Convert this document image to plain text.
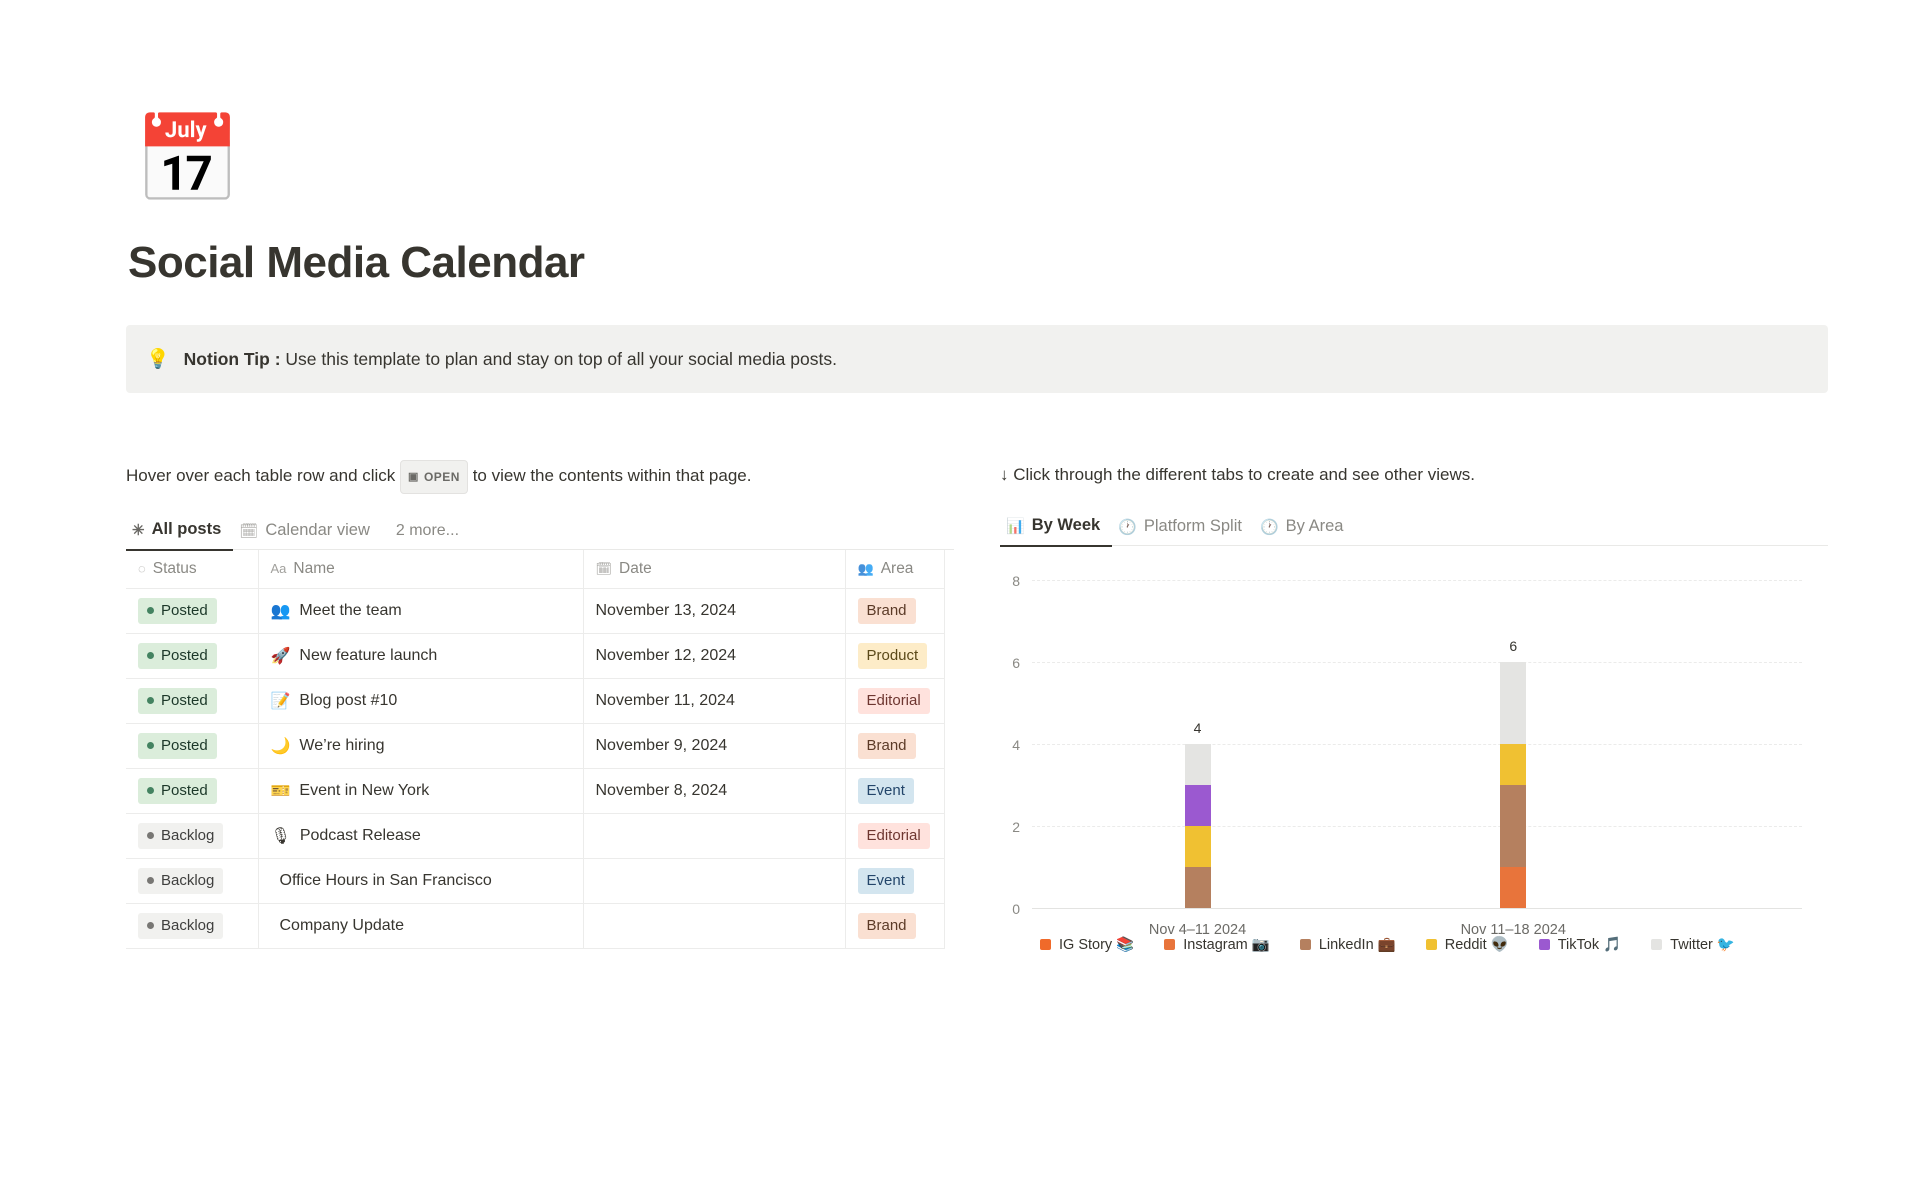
📅
Social Media Calendar
💡 Notion Tip : Use this template to plan and stay on top of all your social media posts.

Hover over each table row and click ▣ OPEN to view the contents within that page.

✳ All posts 🗓 Calendar view 2 more...
◌ Status	Aa Name	🗓 Date	👥 Area

Posted	👥 Meet the team	November 13, 2024	Brand

Posted	🚀 New feature launch	November 12, 2024	Product

Posted	📝 Blog post #10	November 11, 2024	Editorial

Posted	🌙 We’re hiring	November 9, 2024	Brand

Posted	🎫 Event in New York	November 8, 2024	Event

Backlog	🎙 Podcast Release		Editorial

Backlog	Office Hours in San Francisco		Event

Backlog	Company Update		Brand

↓ Click through the different tabs to create and see other views.

📊 By Week 🕐 Platform Split 🕐 By Area
0
2
4
6
8
4
Nov 4–11 2024
6
Nov 11–18 2024
IG Story 📚	Instagram 📷	LinkedIn 💼	Reddit 👽	TikTok 🎵	Twitter 🐦
